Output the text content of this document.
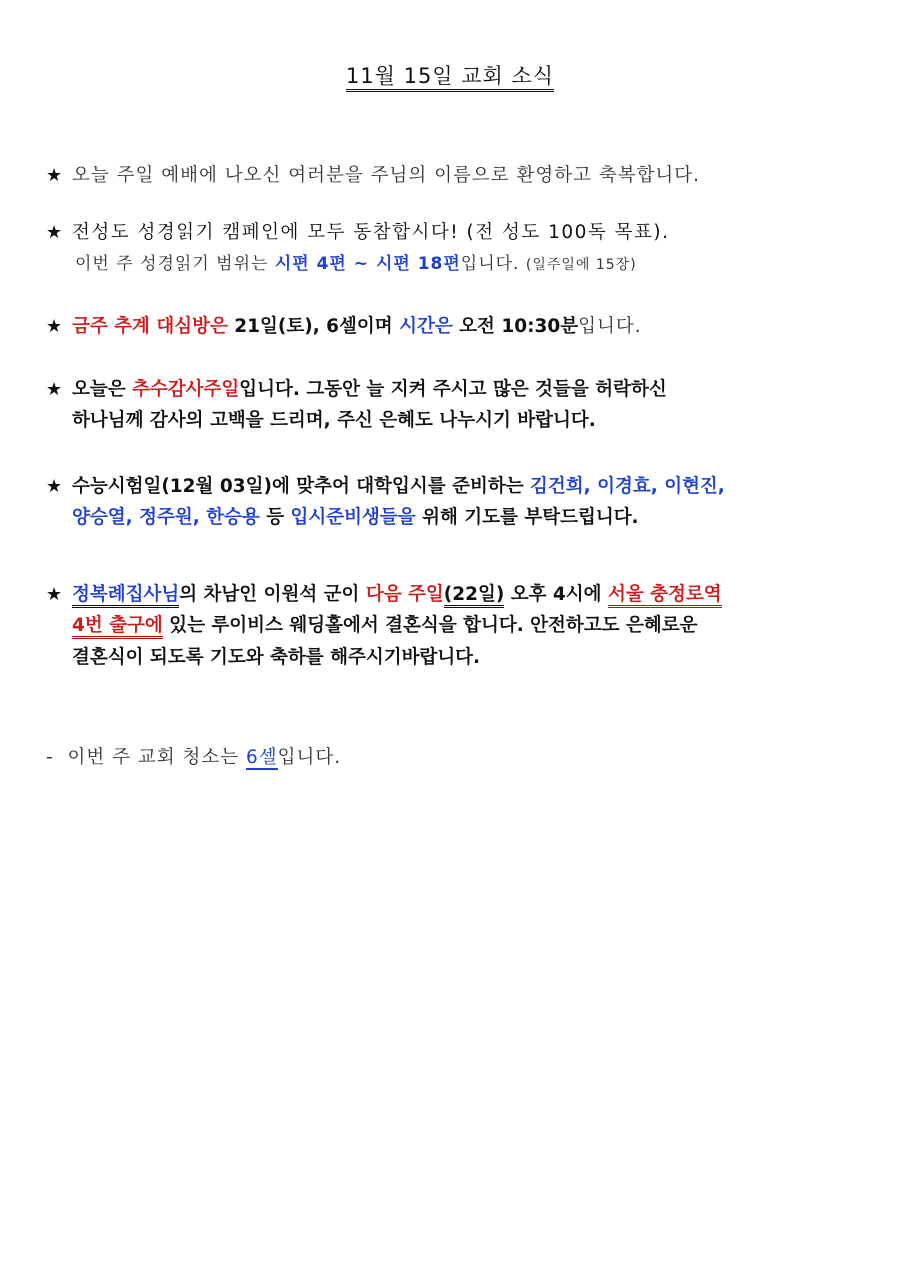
11월 15일 교회 소식
★ 오늘 주일 예배에 나오신 여러분을 주님의 이름으로 환영하고 축복합니다.
★ 전성도 성경읽기 캠페인에 모두 동참합시다! (전 성도 100독 목표).
이번 주 성경읽기 범위는 시편 4편 ~ 시편 18편입니다. (일주일에 15장)
★ 금주 추계 대심방은 21일(토), 6셀이며 시간은 오전 10:30분입니다.
★ 오늘은 추수감사주일입니다. 그동안 늘 지켜 주시고 많은 것들을 허락하신
하나님께 감사의 고백을 드리며, 주신 은혜도 나누시기 바랍니다.
★ 수능시험일(12월 03일)에 맞추어 대학입시를 준비하는 김건희, 이경효, 이현진,
양승열, 정주원, 한승용 등 입시준비생들을 위해 기도를 부탁드립니다.
★ 정복례집사님의 차남인 이원석 군이 다음 주일(22일) 오후 4시에 서울 충정로역
4번 출구에 있는 루이비스 웨딩홀에서 결혼식을 합니다. 안전하고도 은혜로운
결혼식이 되도록 기도와 축하를 해주시기바랍니다.
- 이번 주 교회 청소는 6셀입니다.
